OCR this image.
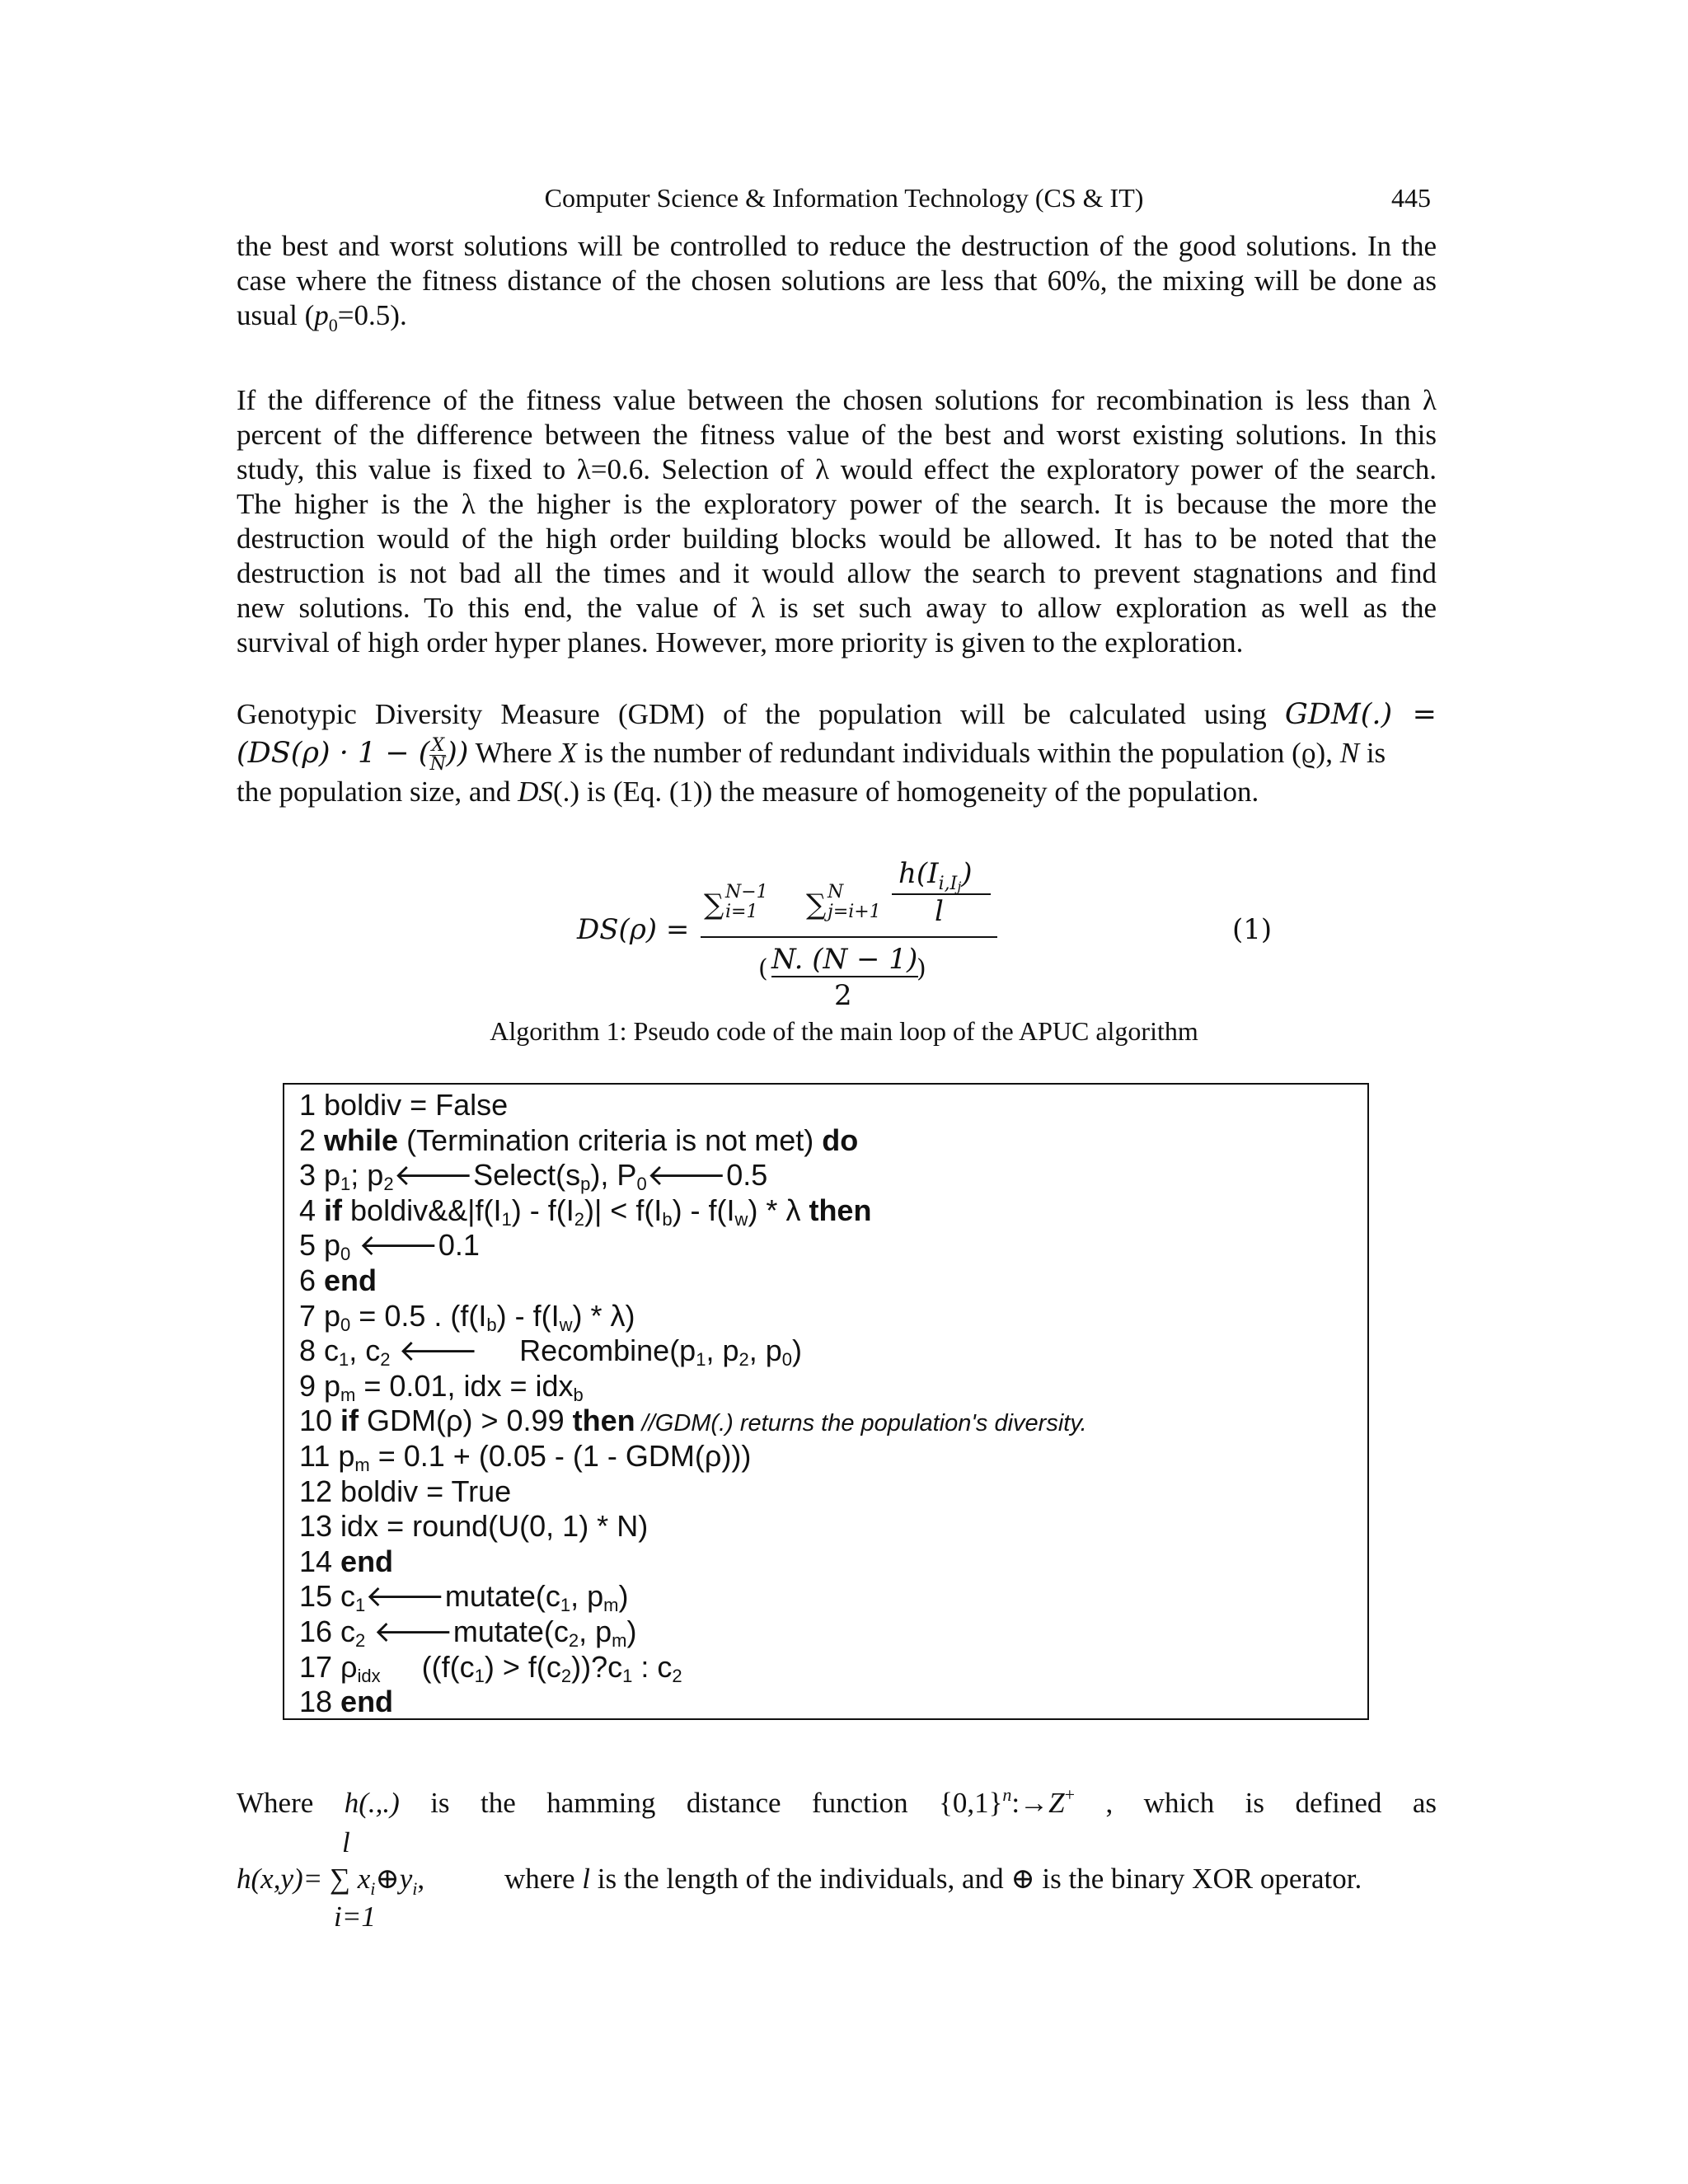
Computer Science & Information Technology (CS & IT)	445
the best and worst solutions will be controlled to reduce the destruction of the good solutions. In the
case where the fitness distance of the chosen solutions are less that 60%, the mixing will be done as
usual $(p_0=0.5)$.
If the difference of the fitness value between the chosen solutions for recombination is less than λ
percent of the difference between the fitness value of the best and worst existing solutions. In this
study, this value is fixed to λ=0.6. Selection of λ would effect the exploratory power of the search.
The higher is the λ the higher is the exploratory power of the search. It is because the more the
destruction would of the high order building blocks would be allowed. It has to be noted that the
destruction is not bad all the times and it would allow the search to prevent stagnations and find
new solutions. To this end, the value of λ is set such away to allow exploration as well as the
survival of high order hyper planes. However, more priority is given to the exploration.
Genotypic Diversity Measure (GDM) of the population will be calculated using GDM(.) =
(DS(ρ) · 1 − ( $\frac{X}{N}$ )) Where X is the number of redundant individuals within the population (ϱ), N is
the population size, and DS(.) is (Eq. (1)) the measure of homogeneity of the population.
DS(ρ) =
∑ N−1
i=1 ∑ N
j=i+1
$h(I_{i,Ij})$
l
( N. (N − 1)
2
)
(1)
Algorithm 1: Pseudo code of the main loop of the APUC algorithm
1 boldiv = False
2 while (Termination criteria is not met) do
3 $p_1$; $p_2🡐Select(s_p)$, $P_0🡐0.5$
4 if $boldiv\&\&|f(I_1) - f(I_2)| < f(I_b) - f(I_w) * \lambda$ then
5 $p_0$ 🡐0.1
6 end
7 $p_0 = 0.5$ . $(f(I_b) - f(I_w) * \lambda)$
8 $c_1$, $c_2$ 🡐     $Recombine(p_1$, $p_2$, $p_0$)
9 $p_m = 0.01$, idx = idx$_b$
10 if GDM(ρ) > 0.99 then //GDM(.) returns the population's diversity.
11 $p_m = 0.1 + (0.05 - (1 - GDM(\rho)))$
12 boldiv = True
13 idx = round(U(0, 1) * N)
14 end
15 $c_1🡐mutate(c_1$, $p_m$)
16 $c_2$ $🡐mutate(c_2$, $p_m$)
17 $\rho_{idx}$     (($f(c_1)$ > $f(c_2))?c_1$ : $c_2$
18 end
Where h(.,.) is the hamming distance function $\{0,1\}^n:\to Z^+$ , which is defined as
l
h(x,y)= ∑ $x_i\oplus y_i$,
i=1
where l is the length of the individuals, and ⊕ is the binary XOR operator.
